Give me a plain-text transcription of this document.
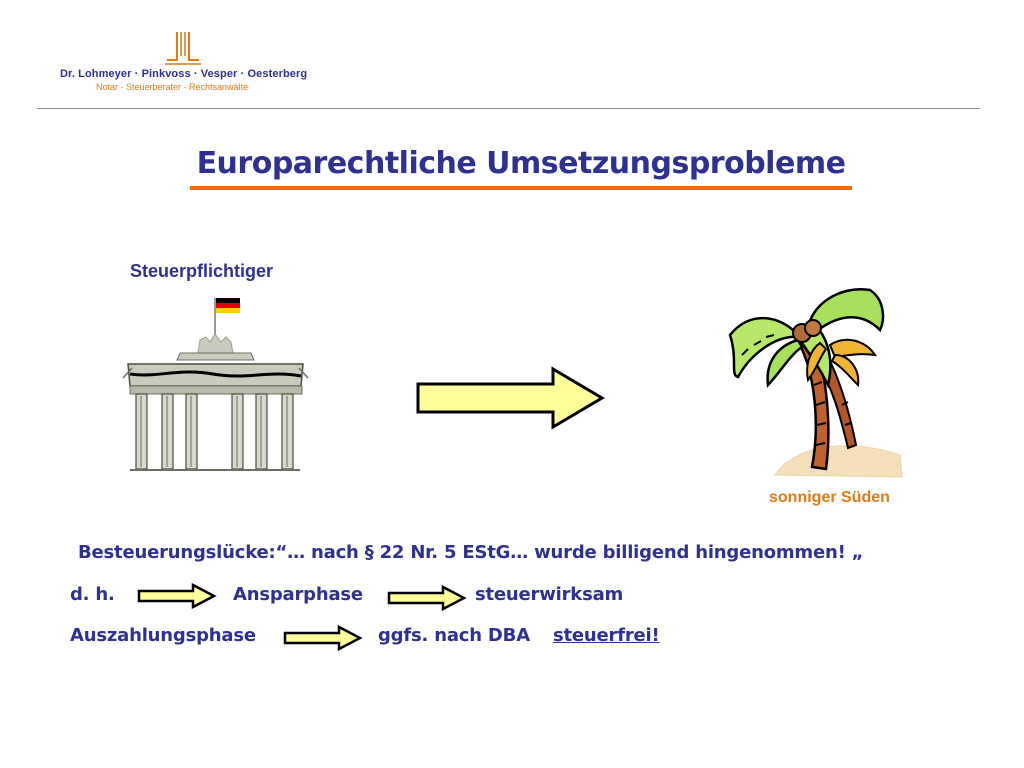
Dr. Lohmeyer · Pinkvoss · Vesper · Oesterberg
Notar · Steuerberater · Rechtsanwälte
Europarechtliche Umsetzungsprobleme
Steuerpflichtiger
sonniger Süden
Besteuerungslücke:“… nach § 22 Nr. 5 EStG… wurde billigend hingenommen! „
d. h.	Ansparphase	steuerwirksam
Auszahlungsphase	ggfs. nach DBA steuerfrei!
